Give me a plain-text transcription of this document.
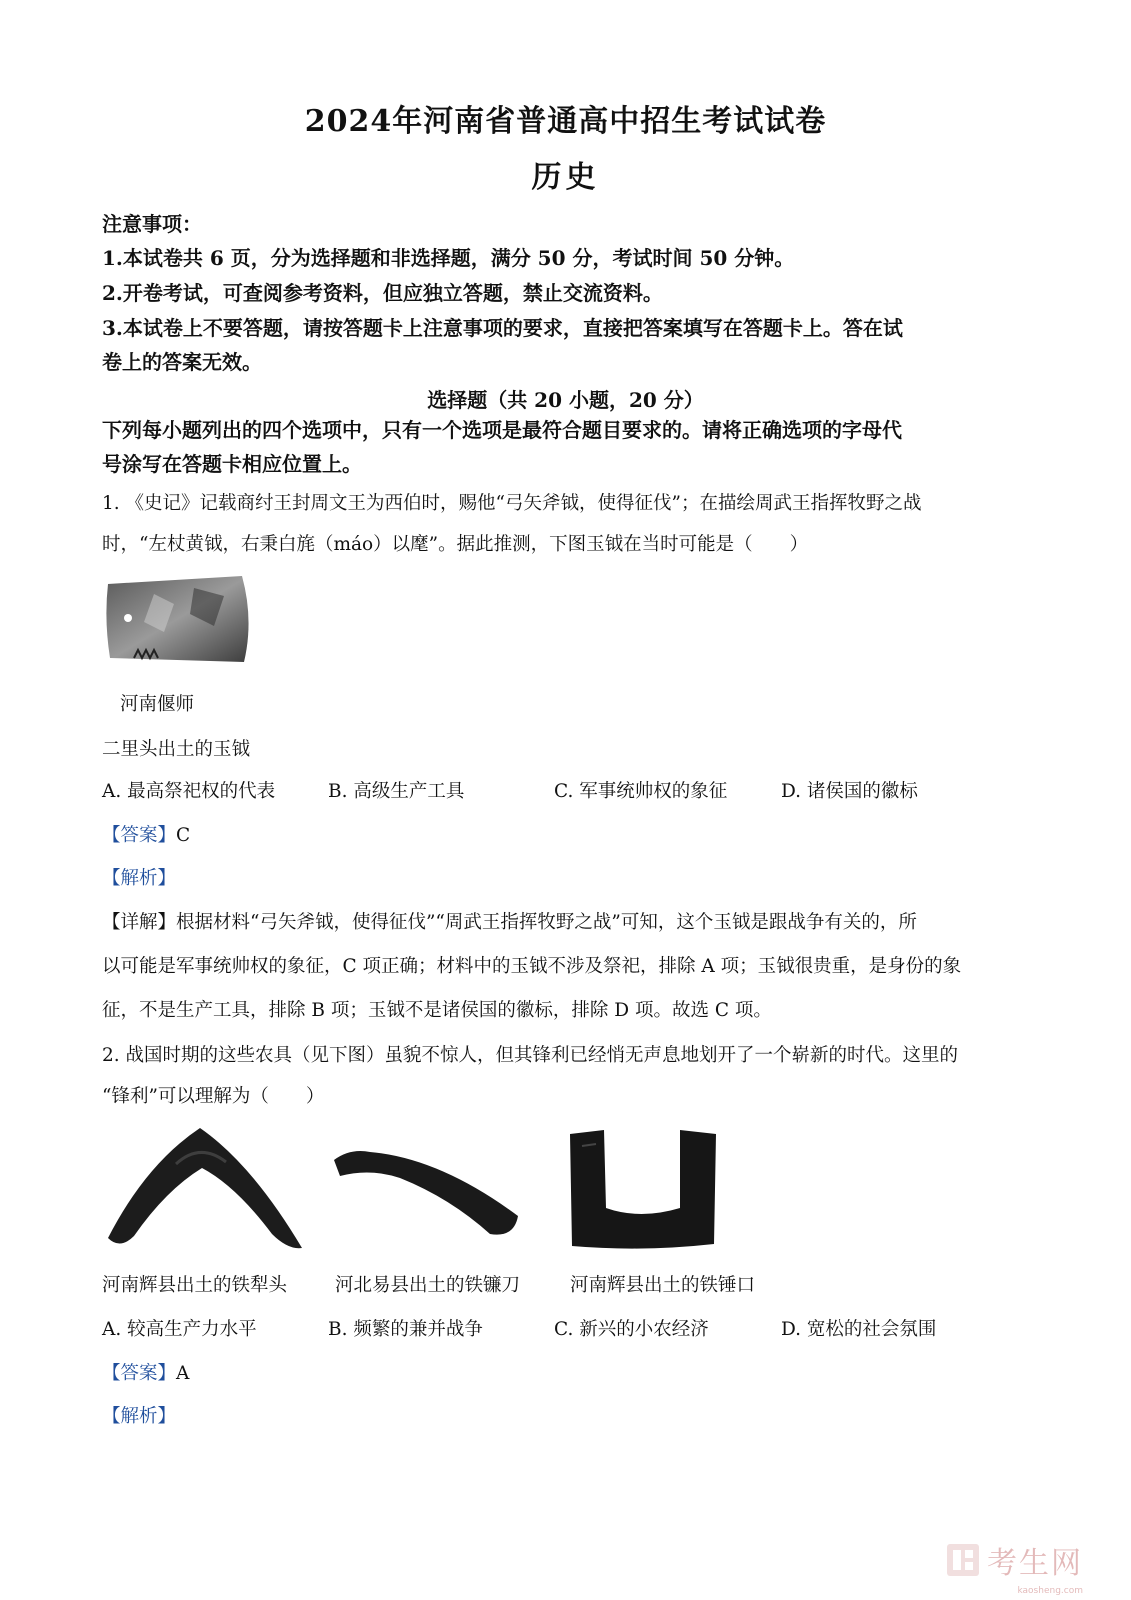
2024年河南省普通高中招生考试试卷
历史
注意事项：
1.本试卷共 6 页，分为选择题和非选择题，满分 50 分，考试时间 50 分钟。
2.开卷考试，可查阅参考资料，但应独立答题，禁止交流资料。
3.本试卷上不要答题，请按答题卡上注意事项的要求，直接把答案填写在答题卡上。答在试
卷上的答案无效。
选择题（共 20 小题，20 分）
下列每小题列出的四个选项中，只有一个选项是最符合题目要求的。请将正确选项的字母代
号涂写在答题卡相应位置上。
1. 《史记》记载商纣王封周文王为西伯时，赐他“弓矢斧钺，使得征伐”；在描绘周武王指挥牧野之战
时，“左杖黄钺，右秉白旄（máo）以麾”。据此推测，下图玉钺在当时可能是（　　）
河南偃师
二里头出土的玉钺
A. 最高祭祀权的代表	B. 高级生产工具	C. 军事统帅权的象征	D. 诸侯国的徽标
【答案】C
【解析】
【详解】根据材料“弓矢斧钺，使得征伐”“周武王指挥牧野之战”可知，这个玉钺是跟战争有关的，所
以可能是军事统帅权的象征，C 项正确；材料中的玉钺不涉及祭祀，排除 A 项；玉钺很贵重，是身份的象
征，不是生产工具，排除 B 项；玉钺不是诸侯国的徽标，排除 D 项。故选 C 项。
2. 战国时期的这些农具（见下图）虽貌不惊人，但其锋利已经悄无声息地划开了一个崭新的时代。这里的
“锋利”可以理解为（　　）
河南辉县出土的铁犁头	河北易县出土的铁镰刀	河南辉县出土的铁锤口
A. 较高生产力水平	B. 频繁的兼并战争	C. 新兴的小农经济	D. 宽松的社会氛围
【答案】A
【解析】
考生网
kaosheng.com
